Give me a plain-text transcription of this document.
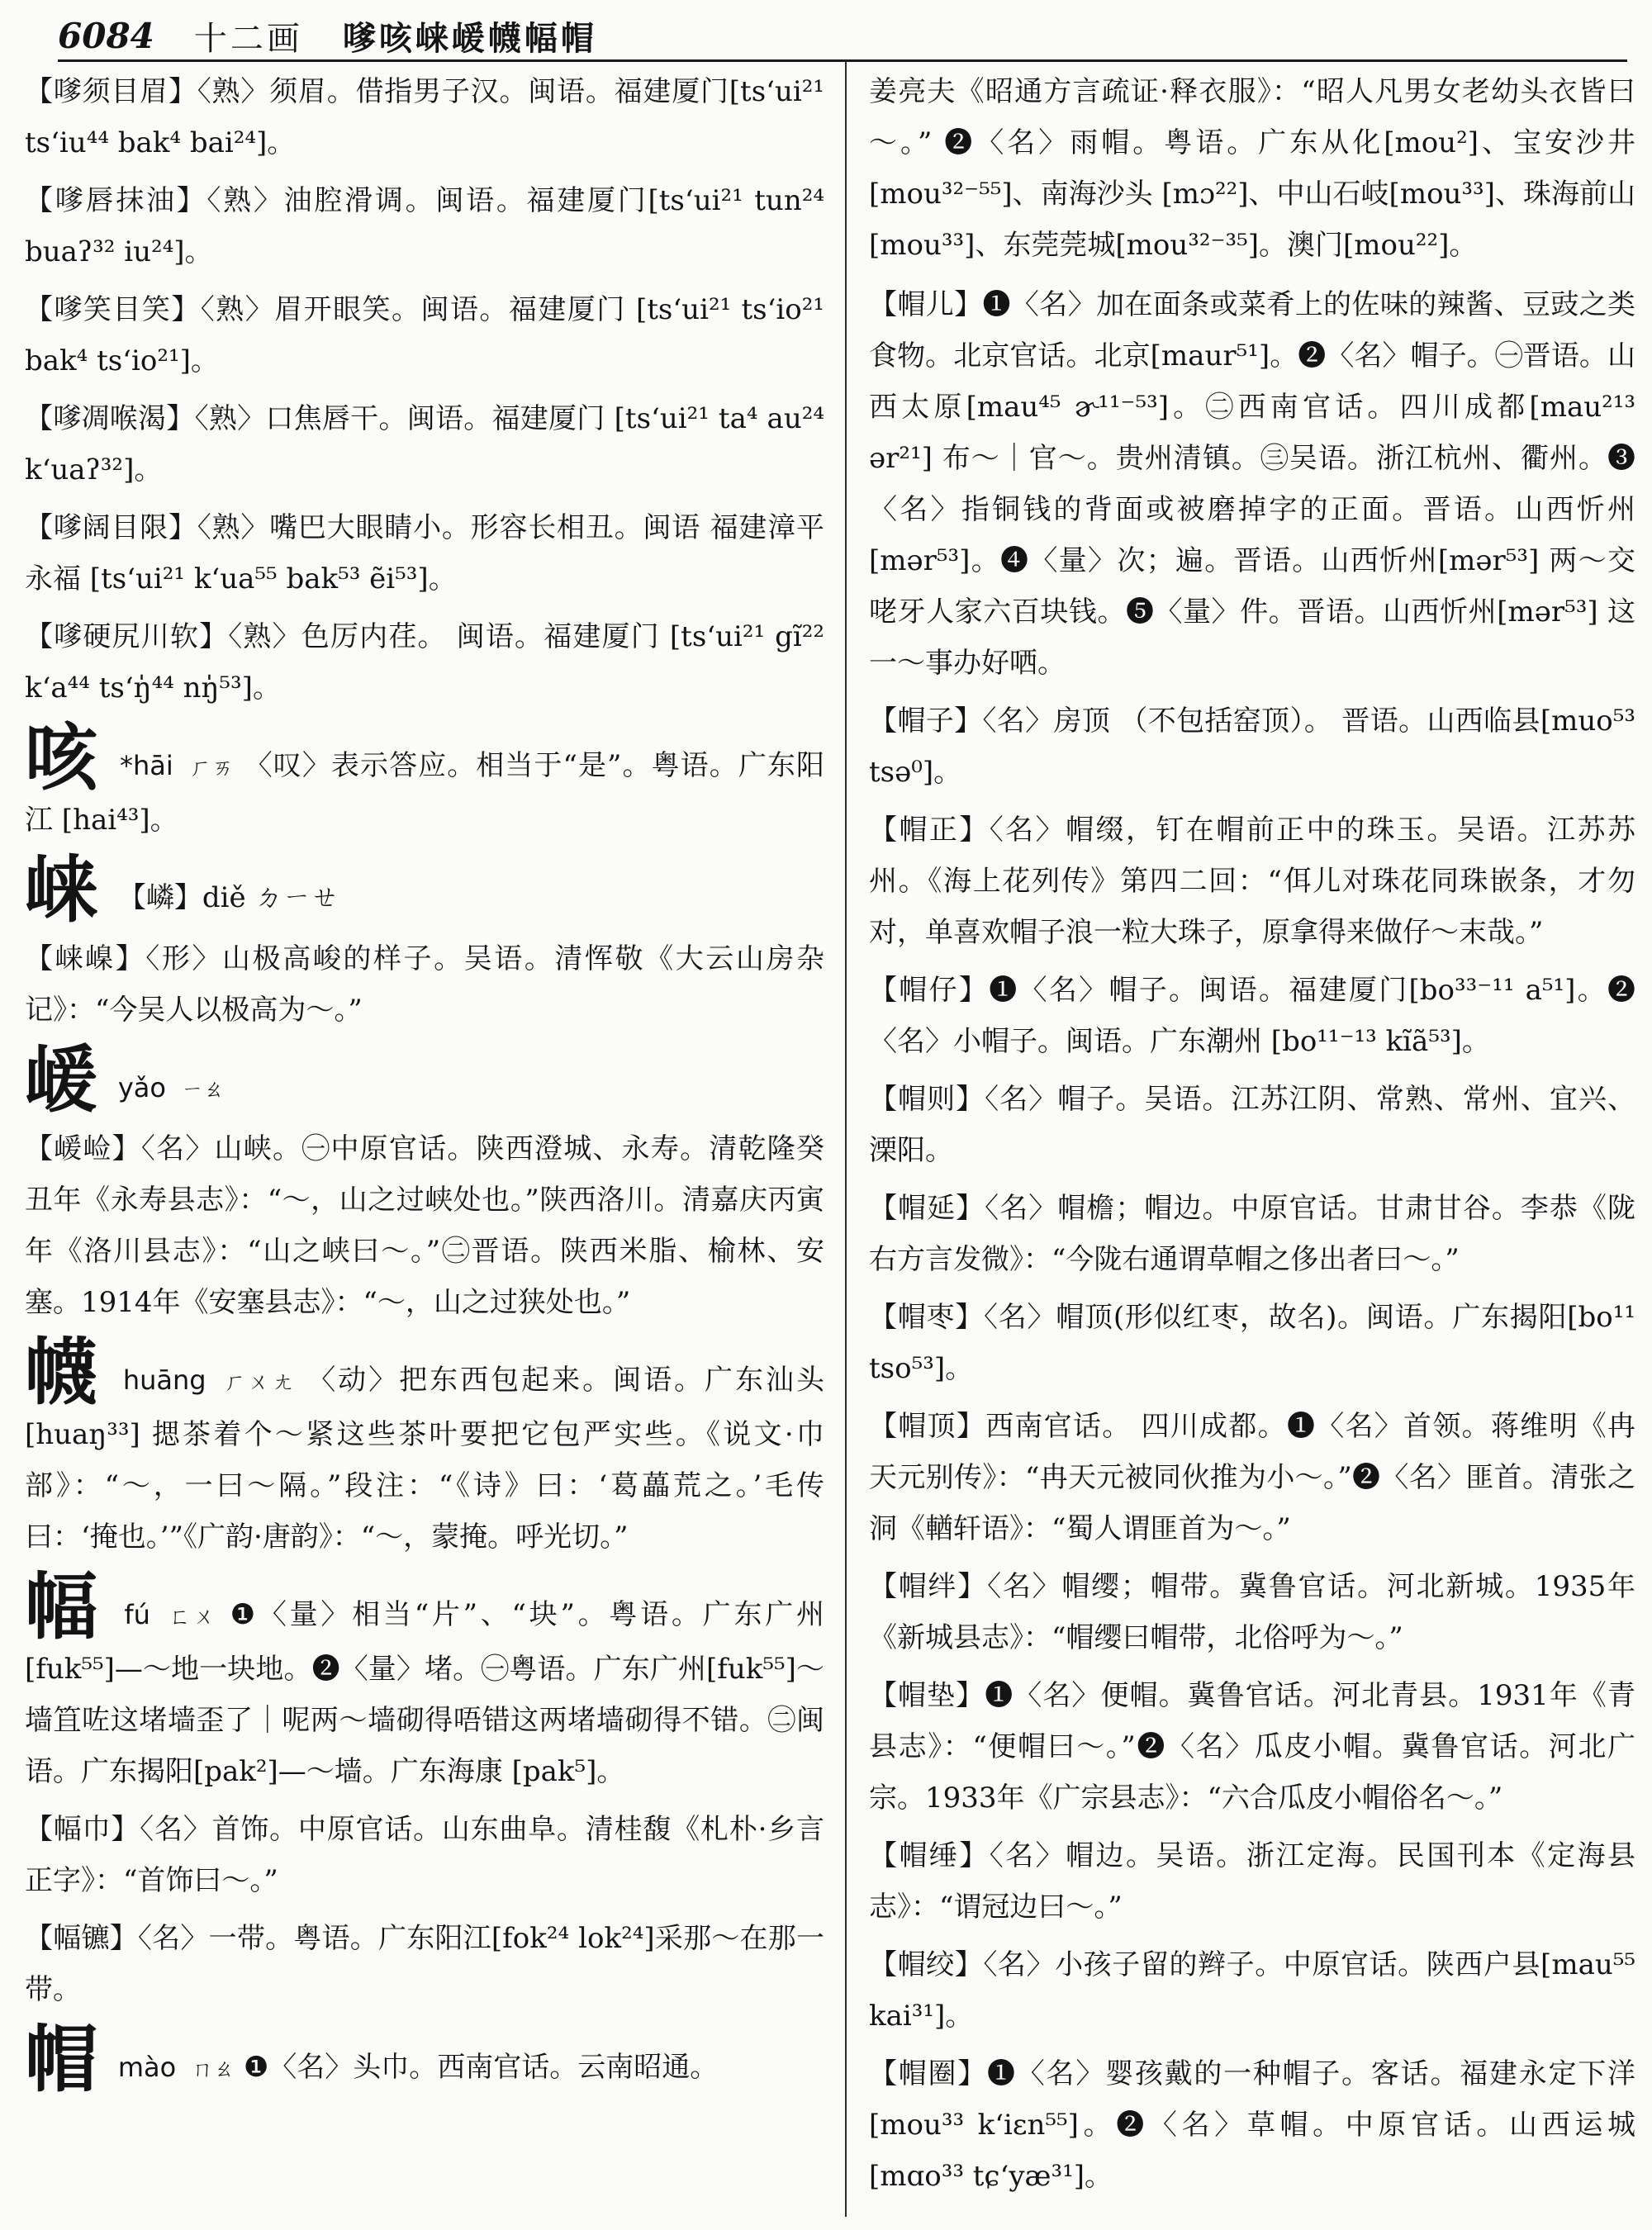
6084 十二画 嗲咳崃嵈幭幅帽

【嗲须目眉】〈熟〉须眉。借指男子汉。闽语。福建厦门[tsʻui²¹ tsʻiu⁴⁴ bak⁴ bai²⁴]。

【嗲唇抹油】〈熟〉油腔滑调。闽语。福建厦门[tsʻui²¹ tun²⁴ buaʔ³² iu²⁴]。

【嗲笑目笑】〈熟〉眉开眼笑。闽语。福建厦门 [tsʻui²¹ tsʻio²¹ bak⁴ tsʻio²¹]。

【嗲凋喉渴】〈熟〉口焦唇干。闽语。福建厦门 [tsʻui²¹ ta⁴ au²⁴ kʻuaʔ³²]。

【嗲阔目限】〈熟〉嘴巴大眼睛小。形容长相丑。闽语 福建漳平永福 [tsʻui²¹ kʻua⁵⁵ bak⁵³ ẽi⁵³]。

【嗲硬尻川软】〈熟〉色厉内荏。 闽语。福建厦门 [tsʻui²¹ gĩ²² kʻa⁴⁴ tsʻŋ̍⁴⁴ nŋ̍⁵³]。

咳 *hāi ㄏㄞ 〈叹〉表示答应。相当于“是”。粤语。广东阳江 [hai⁴³]。

崃 【嶙】diě ㄉㄧㄝ

【崃嵲】〈形〉山极高峻的样子。吴语。清恽敬《大云山房杂记》：“今吴人以极高为～。”

嵈 yǎo ㄧㄠ

【嵈崄】〈名〉山峡。㊀中原官话。陕西澄城、永寿。清乾隆癸丑年《永寿县志》：“～，山之过峡处也。”陕西洛川。清嘉庆丙寅年《洛川县志》：“山之峡曰～。”㊁晋语。陕西米脂、榆林、安塞。1914年《安塞县志》：“～，山之过狭处也。”

幭 huāng ㄏㄨㄤ 〈动〉把东西包起来。闽语。广东汕头 [huaŋ³³] 揌茶着个～紧这些茶叶要把它包严实些。《说文·巾部》：“～，一曰～隔。”段注：“《诗》曰：‘葛藟荒之。’毛传曰：‘掩也。’”《广韵·唐韵》：“～，蒙掩。呼光切。”

幅 fú ㄈㄨ ❶〈量〉相当“片”、“块”。粤语。广东广州[fuk⁵⁵]—～地一块地。❷〈量〉堵。㊀粤语。广东广州[fuk⁵⁵]～墙笡咗这堵墙歪了｜呢两～墙砌得唔错这两堵墙砌得不错。㊁闽语。广东揭阳[pak²]—～墙。广东海康 [pak⁵]。

【幅巾】〈名〉首饰。中原官话。山东曲阜。清桂馥《札朴·乡言正字》：“首饰曰～。”

【幅镳】〈名〉一带。粤语。广东阳江[fok²⁴ lok²⁴]采那～在那一带。

帽 mào ㄇㄠ ❶〈名〉头巾。西南官话。云南昭通。

姜亮夫《昭通方言疏证·释衣服》：“昭人凡男女老幼头衣皆曰～。” ❷〈名〉雨帽。粤语。广东从化[mou²]、宝安沙井[mou³²⁻⁵⁵]、南海沙头 [mɔ²²]、中山石岐[mou³³]、珠海前山[mou³³]、东莞莞城[mou³²⁻³⁵]。澳门[mou²²]。

【帽儿】❶〈名〉加在面条或菜肴上的佐味的辣酱、豆豉之类食物。北京官话。北京[maur⁵¹]。❷〈名〉帽子。㊀晋语。山西太原[mau⁴⁵ ɚ¹¹⁻⁵³]。㊁西南官话。四川成都[mau²¹³ ər²¹] 布～｜官～。贵州清镇。㊂吴语。浙江杭州、衢州。❸〈名〉指铜钱的背面或被磨掉字的正面。晋语。山西忻州 [mər⁵³]。❹〈量〉次；遍。晋语。山西忻州[mər⁵³] 两～交咾牙人家六百块钱。❺〈量〉件。晋语。山西忻州[mər⁵³] 这一～事办好哂。

【帽子】〈名〉房顶 （不包括窑顶）。 晋语。山西临县[muo⁵³ tsə⁰]。

【帽正】〈名〉帽缀，钉在帽前正中的珠玉。吴语。江苏苏州。《海上花列传》第四二回：“佴儿对珠花同珠嵌条，才勿对，单喜欢帽子浪一粒大珠子，原拿得来做仔～末哉。”

【帽仔】❶〈名〉帽子。闽语。福建厦门[bo³³⁻¹¹ a⁵¹]。❷〈名〉小帽子。闽语。广东潮州 [bo¹¹⁻¹³ kĩã⁵³]。

【帽则】〈名〉帽子。吴语。江苏江阴、常熟、常州、宜兴、溧阳。

【帽延】〈名〉帽檐；帽边。中原官话。甘肃甘谷。李恭《陇右方言发微》：“今陇右通谓草帽之侈出者曰～。”

【帽枣】〈名〉帽顶(形似红枣，故名)。闽语。广东揭阳[bo¹¹ tso⁵³]。

【帽顶】西南官话。 四川成都。❶〈名〉首领。蒋维明《冉天元别传》：“冉天元被同伙推为小～。”❷〈名〉匪首。清张之洞《輶轩语》：“蜀人谓匪首为～。”

【帽绊】〈名〉帽缨；帽带。冀鲁官话。河北新城。1935年《新城县志》：“帽缨曰帽带，北俗呼为～。”

【帽垫】❶〈名〉便帽。冀鲁官话。河北青县。1931年《青县志》：“便帽曰～。”❷〈名〉瓜皮小帽。冀鲁官话。河北广宗。1933年《广宗县志》：“六合瓜皮小帽俗名～。”

【帽缍】〈名〉帽边。吴语。浙江定海。民国刊本《定海县志》：“谓冠边曰～。”

【帽绞】〈名〉小孩子留的辫子。中原官话。陕西户县[mau⁵⁵ kai³¹]。

【帽圈】❶〈名〉婴孩戴的一种帽子。客话。福建永定下洋 [mou³³ kʻiɛn⁵⁵]。❷〈名〉草帽。中原官话。山西运城[mɑo³³ tɕʻyæ³¹]。
